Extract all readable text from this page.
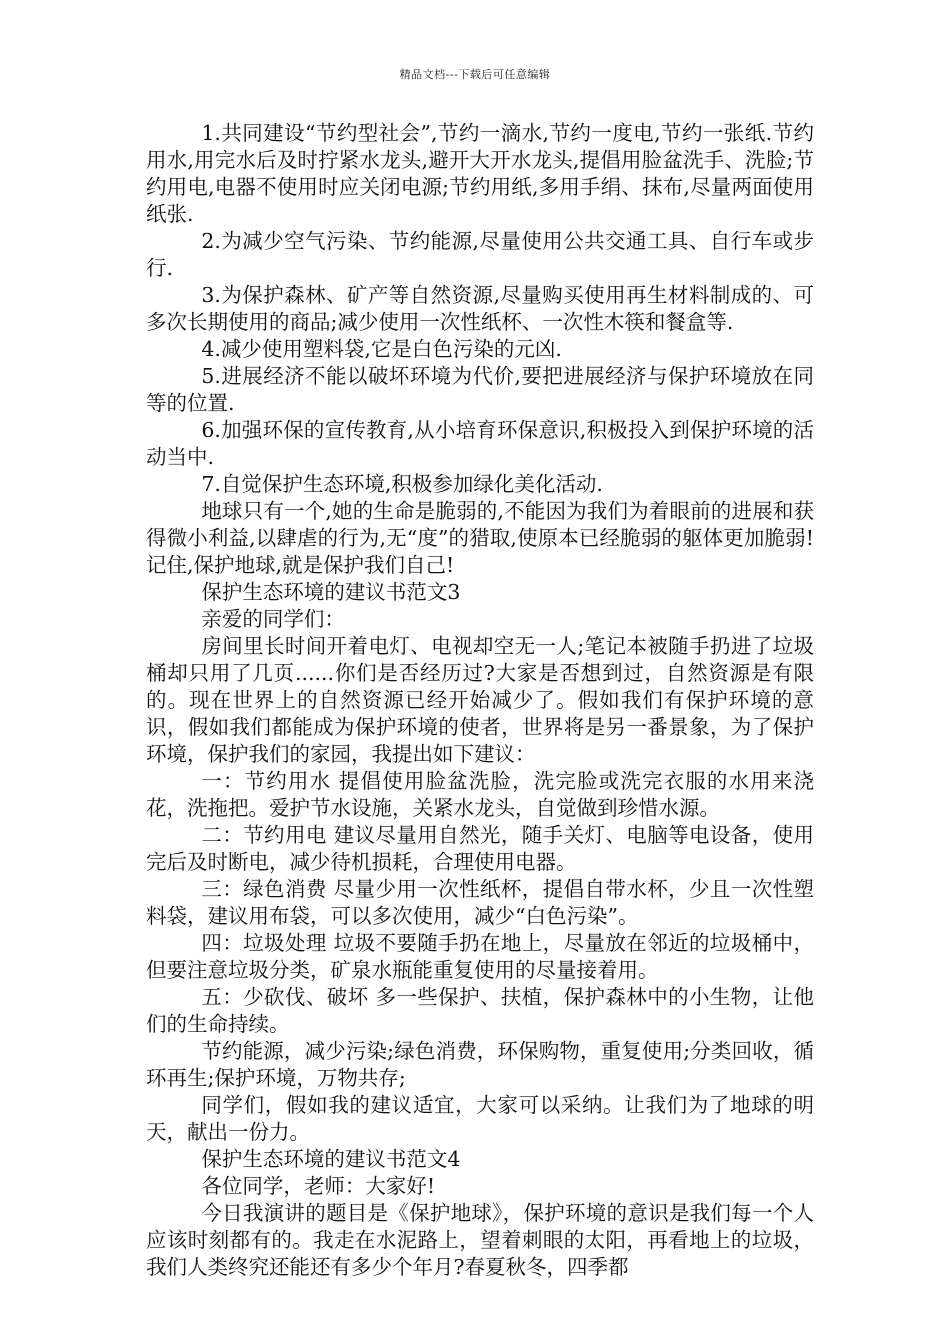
精品文档---下载后可任意编辑

1.共同建设“节约型社会”,节约一滴水,节约一度电,节约一张纸.节约用水,用完水后及时拧紧水龙头,避开大开水龙头,提倡用脸盆洗手、洗脸;节约用电,电器不使用时应关闭电源;节约用纸,多用手绢、抹布,尽量两面使用纸张.

2.为减少空气污染、节约能源,尽量使用公共交通工具、自行车或步行.

3.为保护森林、矿产等自然资源,尽量购买使用再生材料制成的、可多次长期使用的商品;减少使用一次性纸杯、一次性木筷和餐盒等.

4.减少使用塑料袋,它是白色污染的元凶.

5.进展经济不能以破坏环境为代价,要把进展经济与保护环境放在同等的位置.

6.加强环保的宣传教育,从小培育环保意识,积极投入到保护环境的活动当中.

7.自觉保护生态环境,积极参加绿化美化活动.

地球只有一个,她的生命是脆弱的,不能因为我们为着眼前的进展和获得微小利益,以肆虐的行为,无“度”的猎取,使原本已经脆弱的躯体更加脆弱!记住,保护地球,就是保护我们自己!

保护生态环境的建议书范文3

亲爱的同学们：

房间里长时间开着电灯、电视却空无一人;笔记本被随手扔进了垃圾桶却只用了几页......你们是否经历过?大家是否想到过，自然资源是有限的。现在世界上的自然资源已经开始减少了。假如我们有保护环境的意识，假如我们都能成为保护环境的使者，世界将是另一番景象，为了保护环境，保护我们的家园，我提出如下建议：

一：节约用水 提倡使用脸盆洗脸，洗完脸或洗完衣服的水用来浇花，洗拖把。爱护节水设施，关紧水龙头，自觉做到珍惜水源。

二：节约用电 建议尽量用自然光，随手关灯、电脑等电设备，使用完后及时断电，减少待机损耗，合理使用电器。

三：绿色消费 尽量少用一次性纸杯，提倡自带水杯，少且一次性塑料袋，建议用布袋，可以多次使用，减少“白色污染”。

四：垃圾处理 垃圾不要随手扔在地上，尽量放在邻近的垃圾桶中，但要注意垃圾分类，矿泉水瓶能重复使用的尽量接着用。

五：少砍伐、破坏 多一些保护、扶植，保护森林中的小生物，让他们的生命持续。

节约能源，减少污染;绿色消费，环保购物，重复使用;分类回收，循环再生;保护环境，万物共存;

同学们，假如我的建议适宜，大家可以采纳。让我们为了地球的明天，献出一份力。

保护生态环境的建议书范文4

各位同学，老师：大家好!

今日我演讲的题目是《保护地球》，保护环境的意识是我们每一个人应该时刻都有的。我走在水泥路上，望着刺眼的太阳，再看地上的垃圾，我们人类终究还能还有多少个年月?春夏秋冬，四季都
